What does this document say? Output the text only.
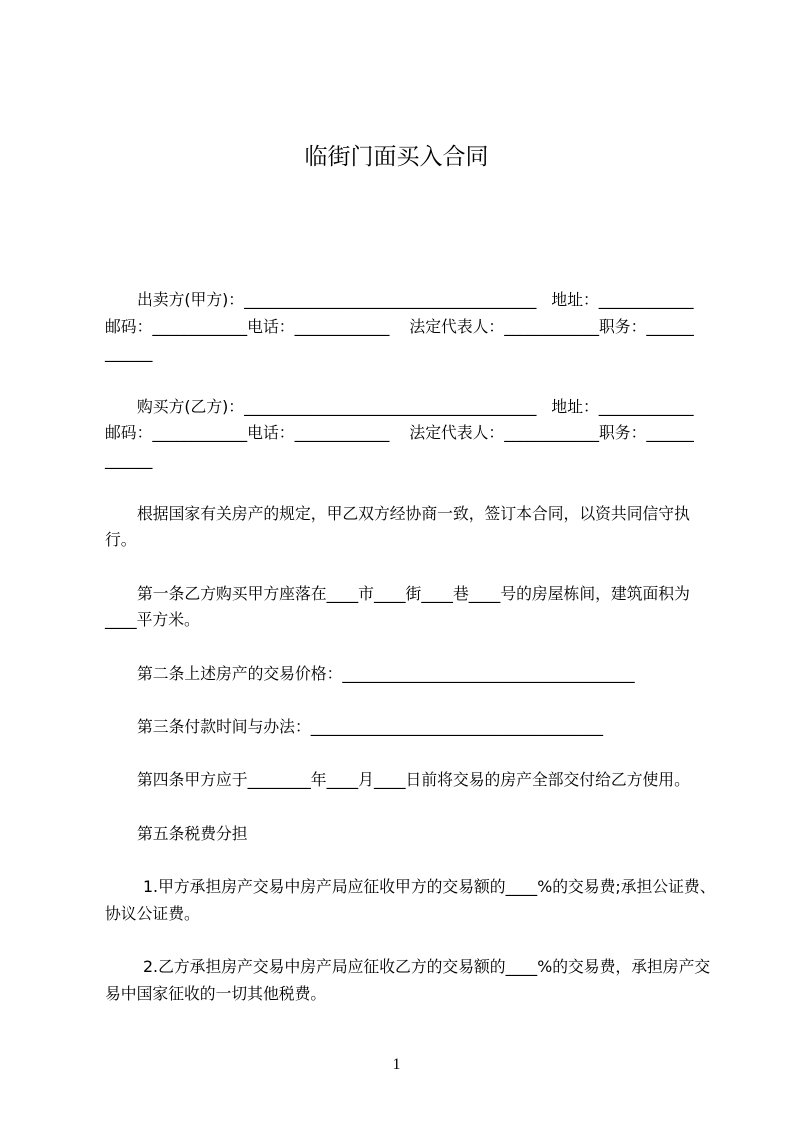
临街门面买入合同
出卖方(甲方)：_____________________________________   地址：____________
邮码：____________电话：____________    法定代表人：____________职务：______
______
购买方(乙方)：_____________________________________   地址：____________
邮码：____________电话：____________    法定代表人：____________职务：______
______
根据国家有关房产的规定，甲乙双方经协商一致，签订本合同，以资共同信守执
行。
第一条乙方购买甲方座落在____市____街____巷____号的房屋栋间，建筑面积为
____平方米。
第二条上述房产的交易价格：_____________________________________
第三条付款时间与办法：_____________________________________
第四条甲方应于________年____月____日前将交易的房产全部交付给乙方使用。
第五条税费分担
1.甲方承担房产交易中房产局应征收甲方的交易额的____%的交易费;承担公证费、
协议公证费。
2.乙方承担房产交易中房产局应征收乙方的交易额的____%的交易费，承担房产交
易中国家征收的一切其他税费。
1
